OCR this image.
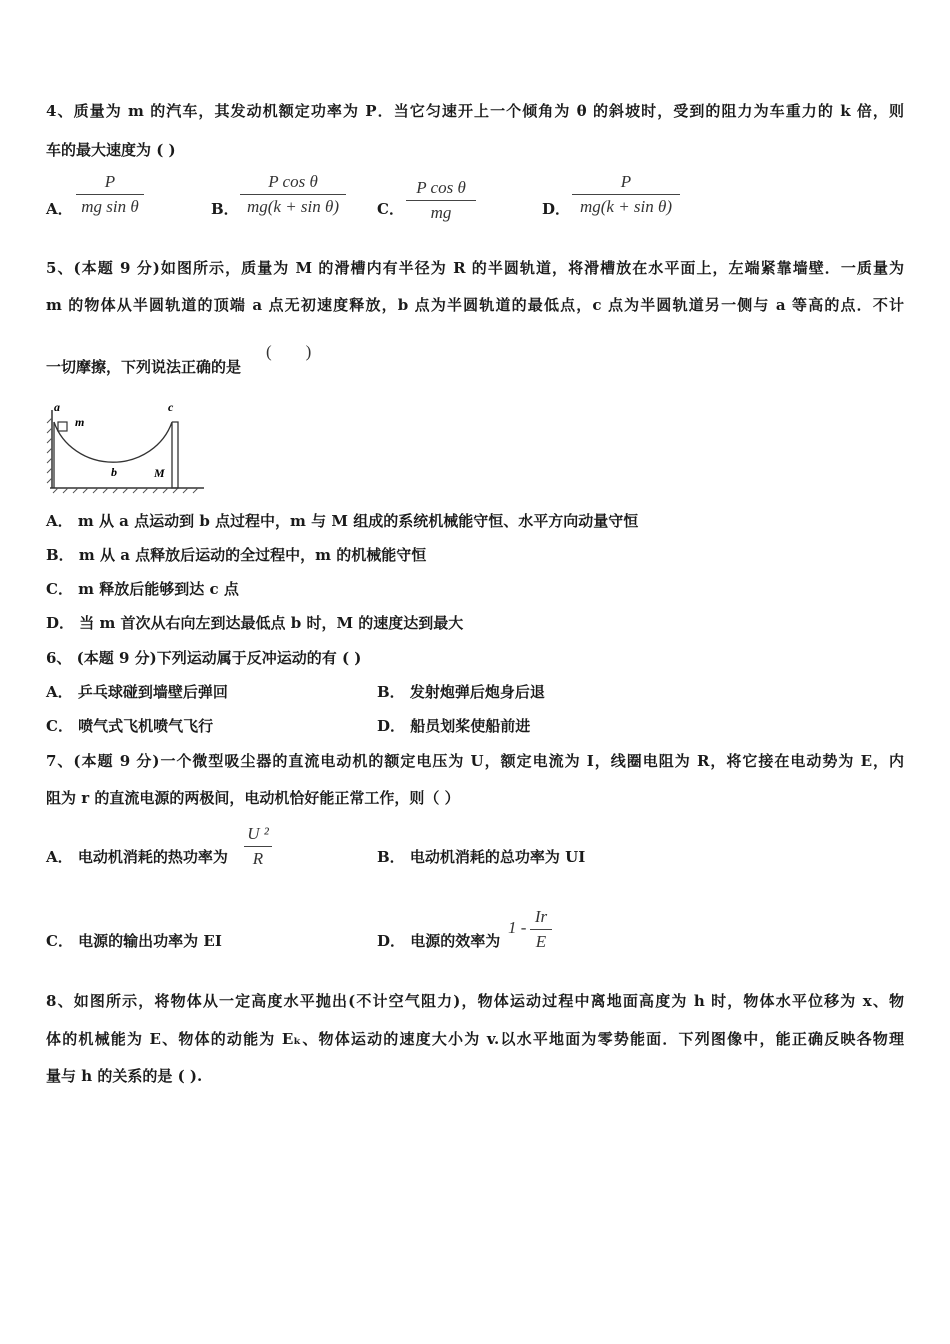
4、质量为 m 的汽车，其发动机额定功率为 P．当它匀速开上一个倾角为 θ 的斜坡时，受到的阻力为车重力的 k 倍，则
车的最大速度为 ( )
A．
P
mg sin θ	B．
P cos θ
mg(k + sin θ)	C．
P cos θ
mg	D．
P
mg(k + sin θ)
5、(本题 9 分)如图所示，质量为 M 的滑槽内有半径为 R 的半圆轨道，将滑槽放在水平面上，左端紧靠墙壁．一质量为
m 的物体从半圆轨道的顶端 a 点无初速度释放，b 点为半圆轨道的最低点，c 点为半圆轨道另一侧与 a 等高的点．不计
一切摩擦，下列说法正确的是
(        )
a
m
c
b	M
A． m 从 a 点运动到 b 点过程中，m 与 M 组成的系统机械能守恒、水平方向动量守恒
B． m 从 a 点释放后运动的全过程中，m 的机械能守恒
C． m 释放后能够到达 c 点
D． 当 m 首次从右向左到达最低点 b 时，M 的速度达到最大
6、 (本题 9 分)下列运动属于反冲运动的有 ( )
A． 乒乓球碰到墙壁后弹回	B． 发射炮弹后炮身后退
C． 喷气式飞机喷气飞行	D． 船员划桨使船前进
7、(本题 9 分)一个微型吸尘器的直流电动机的额定电压为 U，额定电流为 I，线圈电阻为 R，将它接在电动势为 E，内
阻为 r 的直流电源的两极间，电动机恰好能正常工作，则（ ）
A． 电动机消耗的热功率为
U ²
R	B． 电动机消耗的总功率为 UI
C． 电源的输出功率为 EI	D． 电源的效率为
1 -
Ir
E
8、如图所示，将物体从一定高度水平抛出(不计空气阻力)，物体运动过程中离地面高度为 h 时，物体水平位移为 x、物
体的机械能为 E、物体的动能为 Eₖ、物体运动的速度大小为 v.以水平地面为零势能面．下列图像中，能正确反映各物理
量与 h 的关系的是 ( ).
